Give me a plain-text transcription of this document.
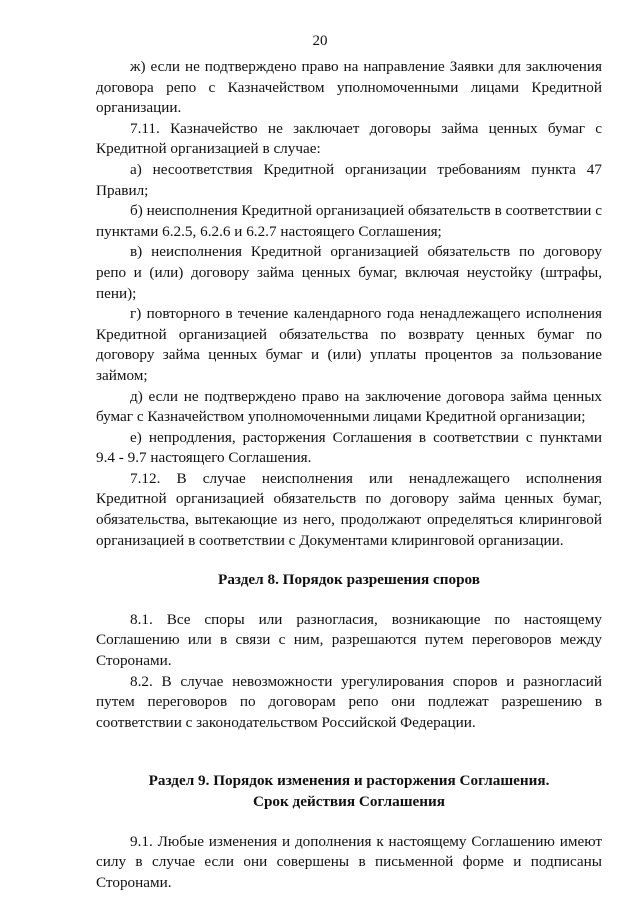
20

ж) если не подтверждено право на направление Заявки для заключения договора репо с Казначейством уполномоченными лицами Кредитной организации.

7.11. Казначейство не заключает договоры займа ценных бумаг с Кредитной организацией в случае:

а) несоответствия Кредитной организации требованиям пункта 47 Правил;

б) неисполнения Кредитной организацией обязательств в соответствии с пунктами 6.2.5, 6.2.6 и 6.2.7 настоящего Соглашения;

в) неисполнения Кредитной организацией обязательств по договору репо и (или) договору займа ценных бумаг, включая неустойку (штрафы, пени);

г) повторного в течение календарного года ненадлежащего исполнения Кредитной организацией обязательства по возврату ценных бумаг по договору займа ценных бумаг и (или) уплаты процентов за пользование займом;

д) если не подтверждено право на заключение договора займа ценных бумаг с Казначейством уполномоченными лицами Кредитной организации;

е) непродления, расторжения Соглашения в соответствии с пунктами 9.4 - 9.7 настоящего Соглашения.

7.12. В случае неисполнения или ненадлежащего исполнения Кредитной организацией обязательств по договору займа ценных бумаг, обязательства, вытекающие из него, продолжают определяться клиринговой организацией в соответствии с Документами клиринговой организации.

Раздел 8. Порядок разрешения споров

8.1. Все споры или разногласия, возникающие по настоящему Соглашению или в связи с ним, разрешаются путем переговоров между Сторонами.

8.2. В случае невозможности урегулирования споров и разногласий путем переговоров по договорам репо они подлежат разрешению в соответствии с законодательством Российской Федерации.

Раздел 9. Порядок изменения и расторжения Соглашения.

Срок действия Соглашения

9.1. Любые изменения и дополнения к настоящему Соглашению имеют силу в случае если они совершены в письменной форме и подписаны Сторонами.
